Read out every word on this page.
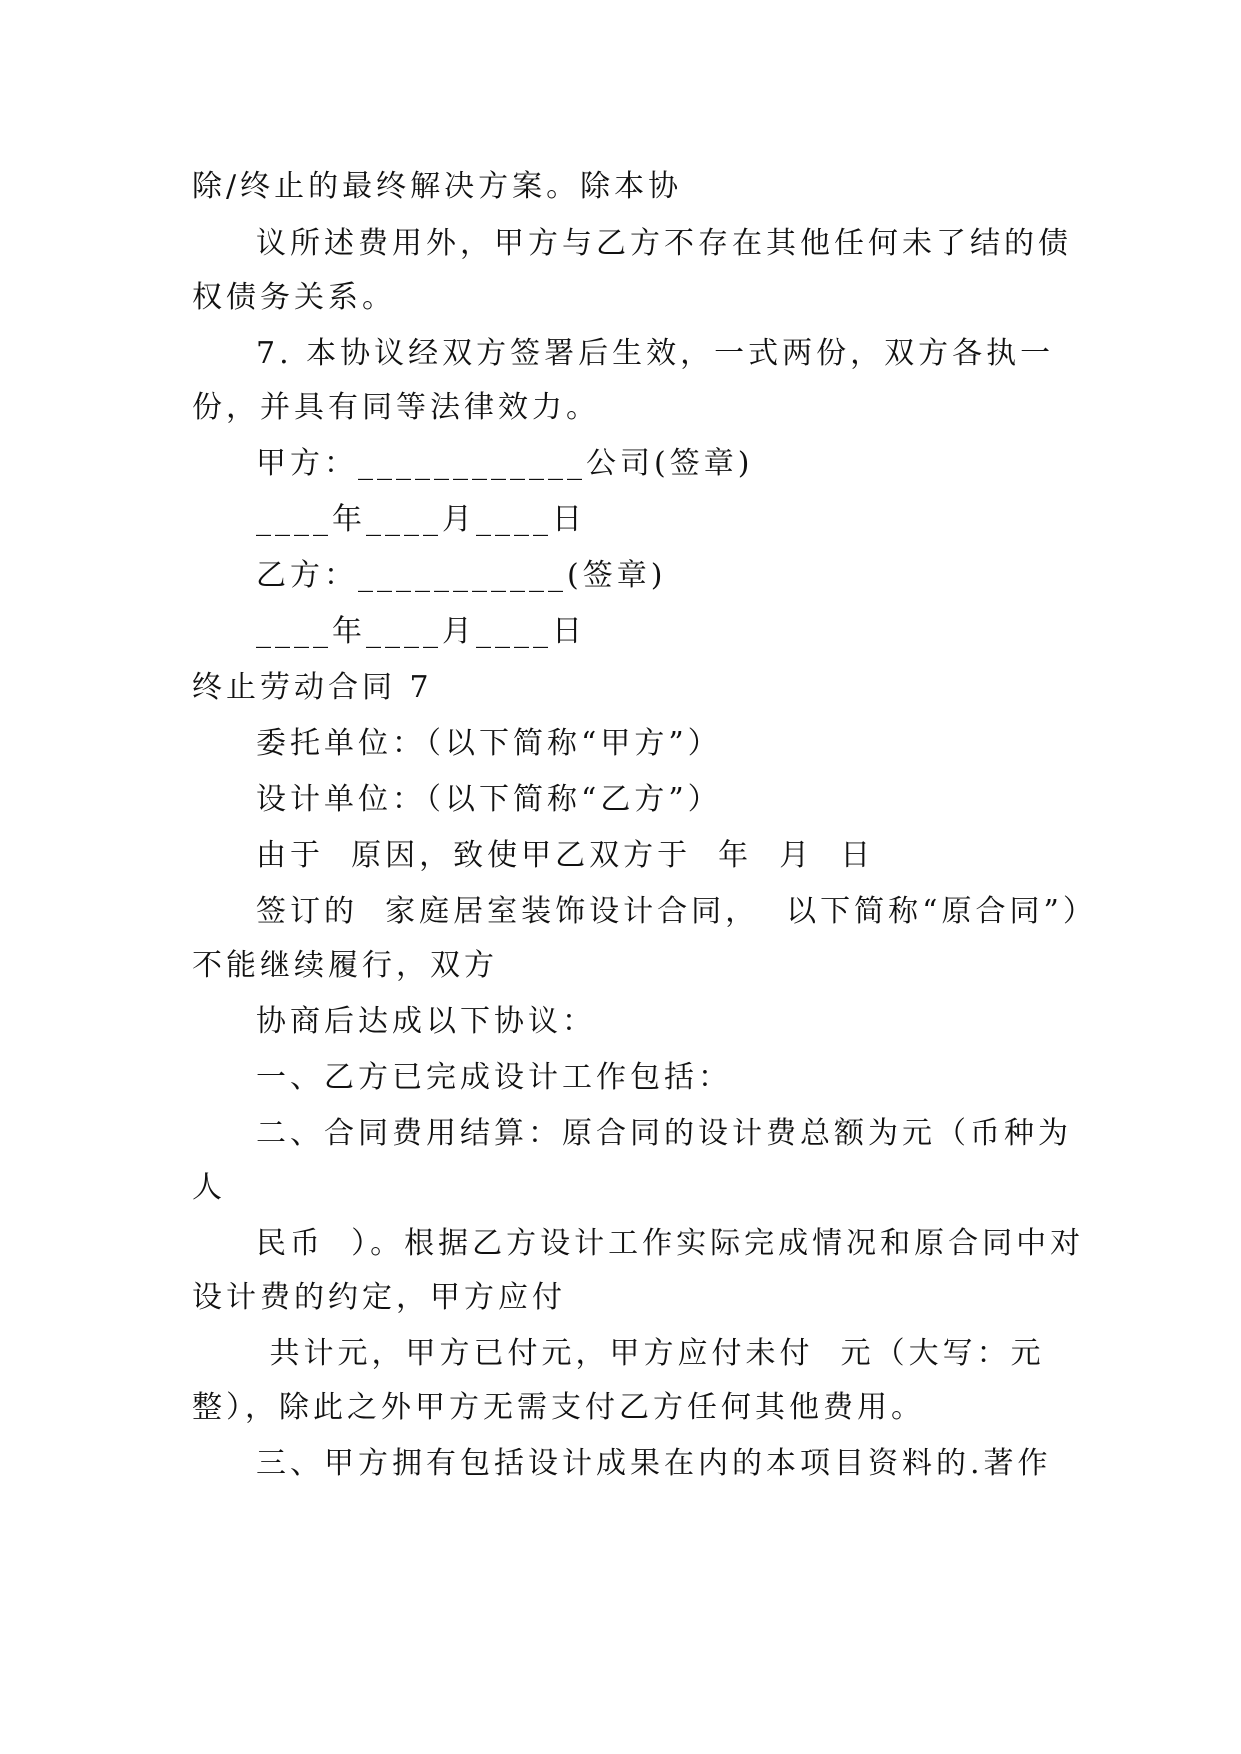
除/终止的最终解决方案。除本协
议所述费用外，甲方与乙方不存在其他任何未了结的债
权债务关系。
7. 本协议经双方签署后生效，一式两份，双方各执一
份，并具有同等法律效力。
甲方：____________公司(签章)
____年____月____日
乙方：___________(签章)
____年____月____日
终止劳动合同 7
委托单位：（以下简称“甲方”）
设计单位：（以下简称“乙方”）
由于  原因，致使甲乙双方于  年  月  日
签订的  家庭居室装饰设计合同，  以下简称“原合同”）
不能继续履行，双方
协商后达成以下协议：
一、乙方已完成设计工作包括：
二、合同费用结算：原合同的设计费总额为元（币种为
人
民币  ）。根据乙方设计工作实际完成情况和原合同中对
设计费的约定，甲方应付
共计元，甲方已付元，甲方应付未付  元（大写：元
整），除此之外甲方无需支付乙方任何其他费用。
三、甲方拥有包括设计成果在内的本项目资料的.著作
